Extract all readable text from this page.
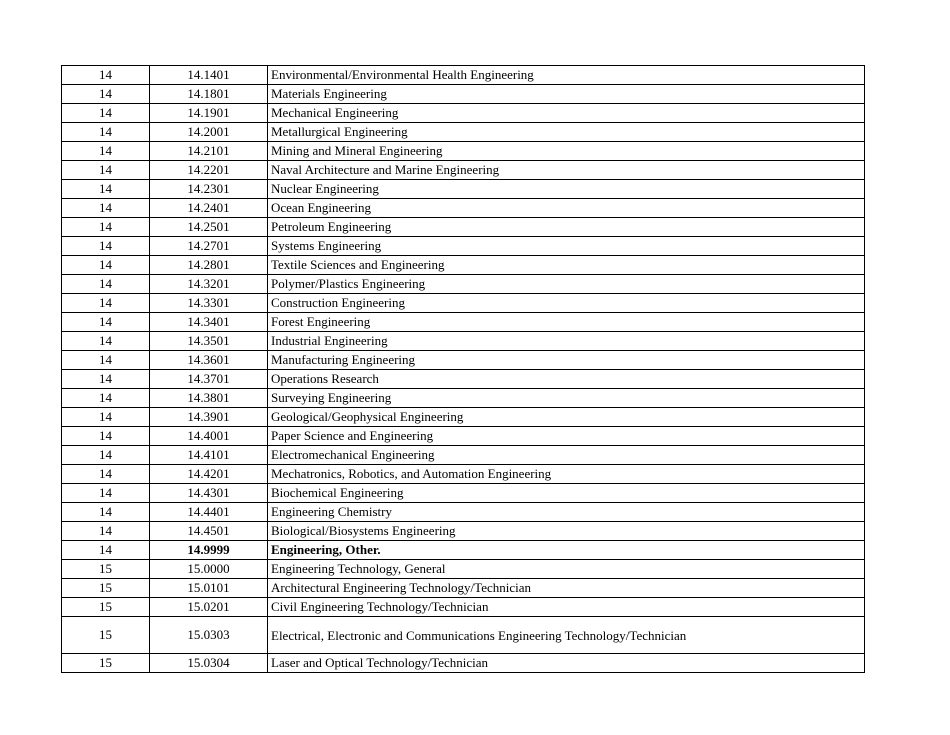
14	14.1401	Environmental/Environmental Health Engineering
14	14.1801	Materials Engineering
14	14.1901	Mechanical Engineering
14	14.2001	Metallurgical Engineering
14	14.2101	Mining and Mineral Engineering
14	14.2201	Naval Architecture and Marine Engineering
14	14.2301	Nuclear Engineering
14	14.2401	Ocean Engineering
14	14.2501	Petroleum Engineering
14	14.2701	Systems Engineering
14	14.2801	Textile Sciences and Engineering
14	14.3201	Polymer/Plastics Engineering
14	14.3301	Construction Engineering
14	14.3401	Forest Engineering
14	14.3501	Industrial Engineering
14	14.3601	Manufacturing Engineering
14	14.3701	Operations Research
14	14.3801	Surveying Engineering
14	14.3901	Geological/Geophysical Engineering
14	14.4001	Paper Science and Engineering
14	14.4101	Electromechanical Engineering
14	14.4201	Mechatronics, Robotics, and Automation Engineering
14	14.4301	Biochemical Engineering
14	14.4401	Engineering Chemistry
14	14.4501	Biological/Biosystems Engineering
14	14.9999	Engineering, Other.
15	15.0000	Engineering Technology, General
15	15.0101	Architectural Engineering Technology/Technician
15	15.0201	Civil Engineering Technology/Technician
15	15.0303	Electrical, Electronic and Communications Engineering Technology/Technician
15	15.0304	Laser and Optical Technology/Technician
